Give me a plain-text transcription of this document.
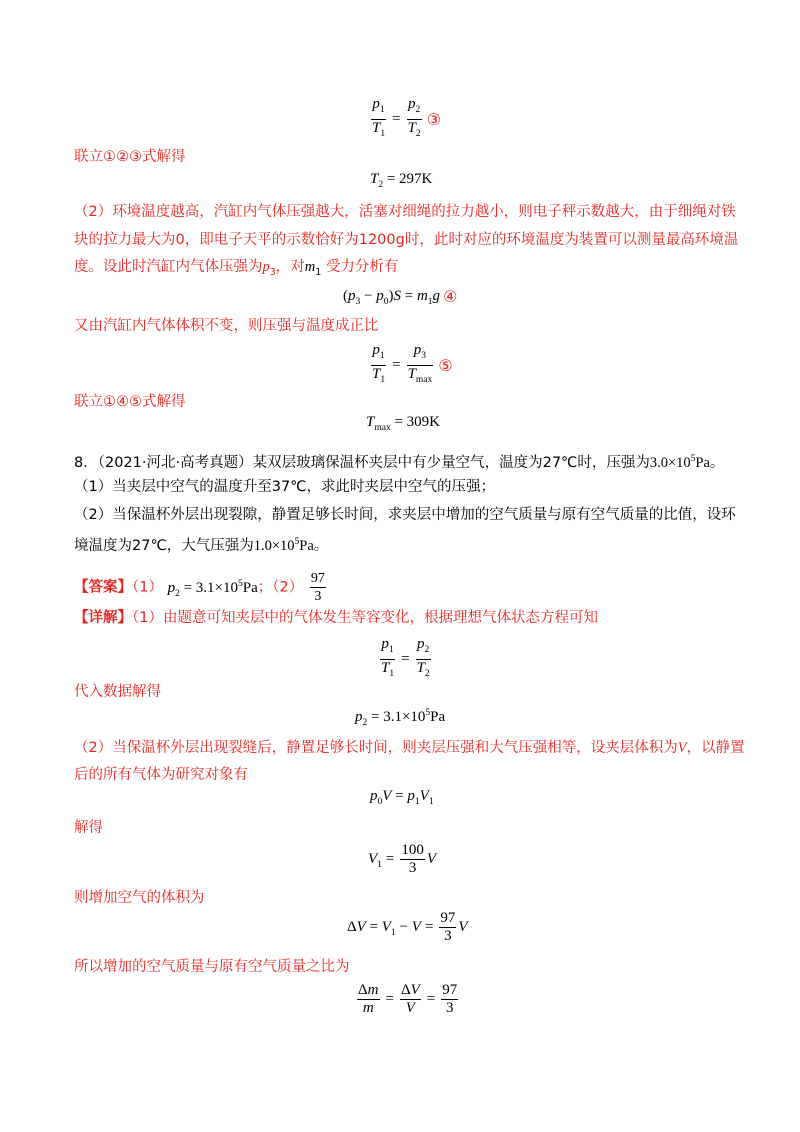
$\frac{p_1}{T_1} = \frac{p_2}{T_2}$ ③
联立①②③式解得
$T_2 = 297K$
（2）环境温度越高，汽缸内气体压强越大，活塞对细绳的拉力越小，则电子秤示数越大，由于细绳对铁
块的拉力最大为0，即电子天平的示数恰好为1200g时，此时对应的环境温度为装置可以测量最高环境温
度。设此时汽缸内气体压强为$p_3$，对$m_1$ 受力分析有
$(p_3 - p_0)S = m_1g$ ④
又由汽缸内气体体积不变，则压强与温度成正比
$\frac{p_1}{T_1} = \frac{p_3}{T_{max}}$ ⑤
联立①④⑤式解得
$T_{max} = 309K$
8．（2021·河北·高考真题）某双层玻璃保温杯夹层中有少量空气，温度为27℃时，压强为$3.0\times 10^5Pa$。
（1）当夹层中空气的温度升至37℃，求此时夹层中空气的压强；
（2）当保温杯外层出现裂隙，静置足够长时间，求夹层中增加的空气质量与原有空气质量的比值，设环
境温度为27℃，大气压强为$1.0\times 10^5Pa$。
【答案】（1） $p_2 = 3.1\times 10^5Pa$；$(2) \frac{97}{3}$
【详解】（1）由题意可知夹层中的气体发生等容变化，根据理想气体状态方程可知
$\frac{p_1}{T_1} = \frac{p_2}{T_2}$
代入数据解得
$p_2 = 3.1\times 10^5Pa$
（2）当保温杯外层出现裂缝后，静置足够长时间，则夹层压强和大气压强相等，设夹层体积为V，以静置
后的所有气体为研究对象有
$p_0V = p_1V_1$
解得
$V_1 = \frac{100}{3}$ V
则增加空气的体积为
$\Delta V = V_1 - V = \frac{97}{3}$ V
所以增加的空气质量与原有空气质量之比为
$\frac{\Delta m}{m} = \frac{\Delta V}{V} = \frac{97}{3}$
